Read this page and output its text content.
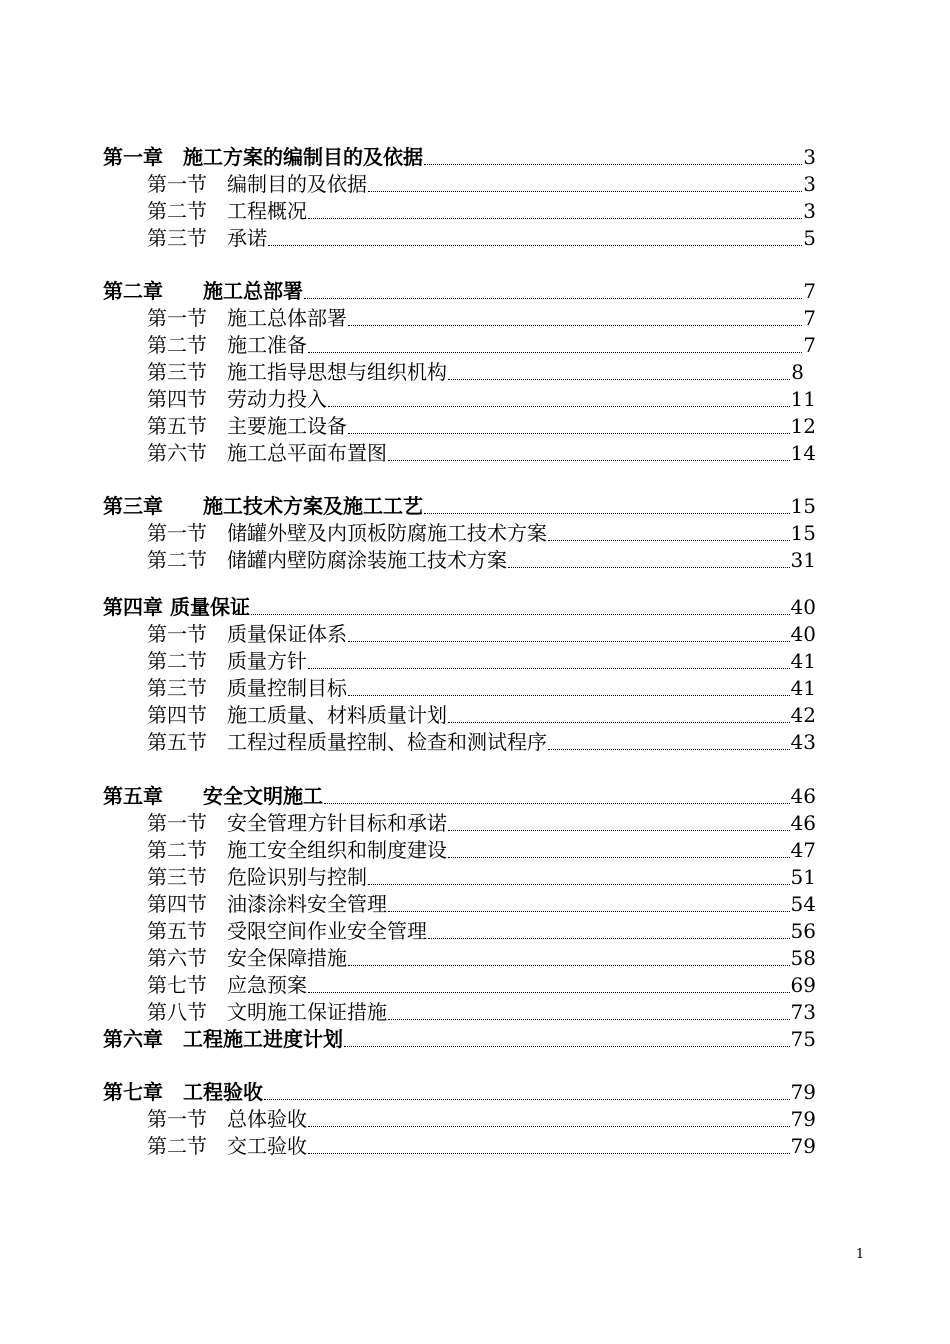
第一章　施工方案的编制目的及依据	3
第一节　编制目的及依据	3
第二节　工程概况	3
第三节　承诺	5
第二章　　施工总部署	7
第一节　施工总体部署	7
第二节　施工准备	7
第三节　施工指导思想与组织机构	8
第四节　劳动力投入	11
第五节　主要施工设备	12
第六节　施工总平面布置图	14
第三章　　施工技术方案及施工工艺	15
第一节　储罐外壁及内顶板防腐施工技术方案	15
第二节　储罐内壁防腐涂装施工技术方案	31
第四章 质量保证	40
第一节　质量保证体系	40
第二节　质量方针	41
第三节　质量控制目标	41
第四节　施工质量、材料质量计划	42
第五节　工程过程质量控制、检查和测试程序	43
第五章　　安全文明施工	46
第一节　安全管理方针目标和承诺	46
第二节　施工安全组织和制度建设	47
第三节　危险识别与控制	51
第四节　油漆涂料安全管理	54
第五节　受限空间作业安全管理	56
第六节　安全保障措施	58
第七节　应急预案	69
第八节　文明施工保证措施	73
第六章　工程施工进度计划	75
第七章　工程验收	79
第一节　总体验收	79
第二节　交工验收	79
1
